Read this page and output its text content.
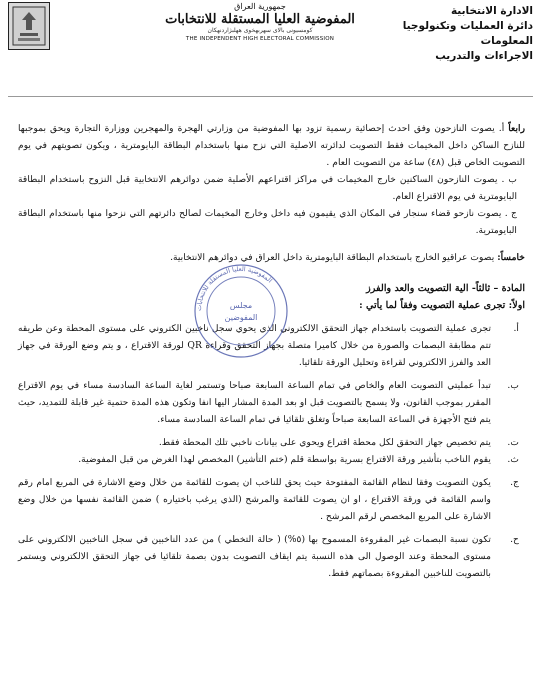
الادارة الانتخابية
دائرة العمليات وتكنولوجيا المعلومات
الاجراءات والتدريب
جمهورية العراق
المفوضية العليا المستقلة للانتخابات
كومسيونى بالاى سهربهخوى ههلبژاردنهكان
THE INDEPENDENT HIGH ELECTORAL COMMISSION

رابعاً أ. يصوت النازحون وفق احدث إحصائية رسمية تزود بها المفوضية من وزارتي الهجرة والمهجرين ووزارة التجارة ويحق بموجبها للنازح الساكن داخل المخيمات فقط التصويت لدائرته الاصلية التي نزح منها باستخدام البطاقة البايومترية ، ويكون تصويتهم في يوم التصويت الخاص قبل (٤٨) ساعة من التصويت العام .

ب . يصوت النازحون الساكنين خارج المخيمات في مراكز اقتراعهم الأصلية ضمن دوائرهم الانتخابية قبل النزوح باستخدام البطاقة البايومترية في يوم الاقتراع العام.

ج . يصوت نازحو قضاء سنجار في المكان الذي يقيمون فيه داخل وخارج المخيمات لصالح دائرتهم التي نزحوا منها باستخدام البطاقة البايومترية.

خامساً: يصوت عراقيو الخارج باستخدام البطاقة البايومترية داخل العراق في دوائرهم الانتخابية.

المادة – ثالثاً- الية التصويت والعد والفرز

اولاً: تجرى عملية التصويت وفقاً لما يأتي :

أ.
تجرى عملية التصويت باستخدام جهاز التحقق الالكتروني الذي يحوي سجل ناخبين الكتروني على مستوى المحطة وعن طريقه تتم مطابقة البصمات والصورة من خلال كاميرا متصلة بجهاز التحقق وقراءة QR لورقة الاقتراع ، و يتم وضع الورقة في جهاز العد والفرز الالكتروني لقراءة وتحليل الورقة تلقائيا.
ب.
تبدأ عمليتي التصويت العام والخاص في تمام الساعة السابعة صباحا وتستمر لغاية الساعة السادسة مساء في يوم الاقتراع المقرر بموجب القانون، ولا يسمح بالتصويت قبل او بعد المدة المشار اليها انفا وتكون هذه المدة حتمية غير قابلة للتمديد، حيث يتم فتح الأجهزة في الساعة السابعة صباحاً وتغلق تلقائيا في تمام الساعة السادسة مساء.
ت.
يتم تخصيص جهاز التحقق لكل محطة اقتراع ويحوي على بيانات ناخبي تلك المحطة فقط.
ث.
يقوم الناخب بتأشير ورقة الاقتراع بسرية بواسطة قلم (ختم التأشير) المخصص لهذا الغرض من قبل المفوضية.
ج.
يكون التصويت وفقا لنظام القائمة المفتوحة حيث يحق للناخب ان يصوت للقائمة من خلال وضع الاشارة في المربع امام رقم واسم القائمة في ورقة الاقتراع ، او ان يصوت للقائمة والمرشح (الذي يرغب باختياره ) ضمن القائمة نفسها من خلال وضع الاشارة على المربع المخصص لرقم المرشح .
ح.
تكون نسبة البصمات غير المقروءة المسموح بها (٥%) ( حالة التخطي ) من عدد الناخبين في سجل الناخبين الالكتروني على مستوى المحطة وعند الوصول الى هذه النسبة يتم ايقاف التصويت بدون بصمة تلقائيا في جهاز التحقق الالكتروني ويستمر بالتصويت للناخبين المقروءة بصماتهم فقط.
المفوضية العليا المستقلة للانتخابات
مجلس
المفوضين
